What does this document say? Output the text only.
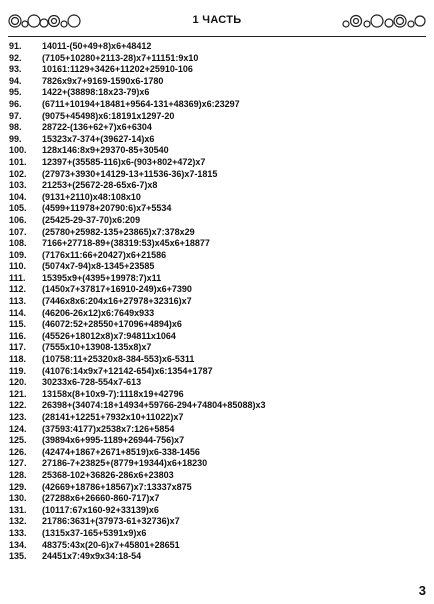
1 ЧАСТЬ
91.	14011-(50+49+8)x6+48412
92.	(7105+10280+2113-28)x7+11151:9x10
93.	10161:1129+3426+11202+25910-106
94.	7826x9x7+9169-1590x6-1780
95.	1422+(38898:18x23-79)x6
96.	(6711+10194+18481+9564-131+48369)x6:23297
97.	(9075+45498)x6:18191x1297-20
98.	28722-(136+62+7)x6+6304
99.	15323x7-374+(39627-14)x6
100.	128x146:8x9+29370-85+30540
101.	12397+(35585-116)x6-(903+802+472)x7
102.	(27973+3930+14129-13+11536-36)x7-1815
103.	21253+(25672-28-65x6-7)x8
104.	(9131+2110)x48:108x10
105.	(4599+11978+20790:6)x7+5534
106.	(25425-29-37-70)x6:209
107.	(25780+25982-135+23865)x7:378x29
108.	7166+27718-89+(38319:53)x45x6+18877
109.	(7176x11:66+20427)x6+21586
110.	(5074x7-94)x8-1345+23585
111.	15395x9+(4395+19978:7)x11
112.	(1450x7+37817+16910-249)x6+7390
113.	(7446x8x6:204x16+27978+32316)x7
114.	(46206-26x12)x6:7649x933
115.	(46072:52+28550+17096+4894)x6
116.	(45526+18012x8)x7:94811x1064
117.	(7555x10+13908-135x8)x7
118.	(10758:11+25320x8-384-553)x6-5311
119.	(41076:14x9x7+12142-654)x6:1354+1787
120.	30233x6-728-554x7-613
121.	13158x(8+10x9-7):1118x19+42796
122.	26398+(34074:18+14934+59766-294+74804+85088)x3
123.	(28141+12251+7932x10+11022)x7
124.	(37593:4177)x2538x7:126+5854
125.	(39894x6+995-1189+26944-756)x7
126.	(42474+1867+2671+8519)x6-338-1456
127.	27186-7+23825+(8779+19344)x6+18230
128.	25368-102+36826-286x6+23803
129.	(42669+18786+18567)x7:13337x875
130.	(27288x6+26660-860-717)x7
131.	(10117:67x160-92+33139)x6
132.	21786:3631+(37973-61+32736)x7
133.	(1315x37-165+5391x9)x6
134.	48375:43x(20-6)x7+45801+28651
135.	24451x7:49x9x34:18-54
3
